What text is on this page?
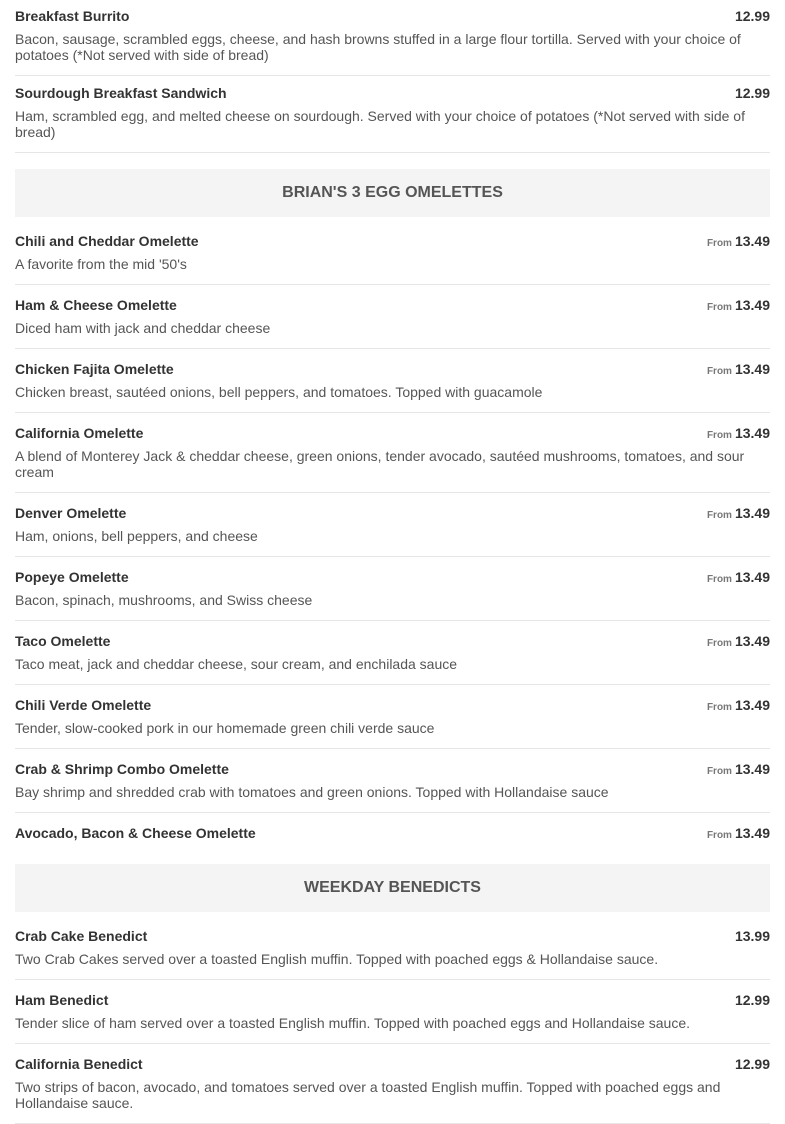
Breakfast Burrito	12.99
Bacon, sausage, scrambled eggs, cheese, and hash browns stuffed in a large flour tortilla. Served with your choice of potatoes (*Not served with side of bread)
Sourdough Breakfast Sandwich	12.99
Ham, scrambled egg, and melted cheese on sourdough. Served with your choice of potatoes (*Not served with side of bread)
BRIAN'S 3 EGG OMELETTES
Chili and Cheddar Omelette	From 13.49
A favorite from the mid '50's
Ham & Cheese Omelette	From 13.49
Diced ham with jack and cheddar cheese
Chicken Fajita Omelette	From 13.49
Chicken breast, sautéed onions, bell peppers, and tomatoes. Topped with guacamole
California Omelette	From 13.49
A blend of Monterey Jack & cheddar cheese, green onions, tender avocado, sautéed mushrooms, tomatoes, and sour cream
Denver Omelette	From 13.49
Ham, onions, bell peppers, and cheese
Popeye Omelette	From 13.49
Bacon, spinach, mushrooms, and Swiss cheese
Taco Omelette	From 13.49
Taco meat, jack and cheddar cheese, sour cream, and enchilada sauce
Chili Verde Omelette	From 13.49
Tender, slow-cooked pork in our homemade green chili verde sauce
Crab & Shrimp Combo Omelette	From 13.49
Bay shrimp and shredded crab with tomatoes and green onions. Topped with Hollandaise sauce
Avocado, Bacon & Cheese Omelette	From 13.49
WEEKDAY BENEDICTS
Crab Cake Benedict	13.99
Two Crab Cakes served over a toasted English muffin. Topped with poached eggs & Hollandaise sauce.
Ham Benedict	12.99
Tender slice of ham served over a toasted English muffin. Topped with poached eggs and Hollandaise sauce.
California Benedict	12.99
Two strips of bacon, avocado, and tomatoes served over a toasted English muffin. Topped with poached eggs and Hollandaise sauce.
